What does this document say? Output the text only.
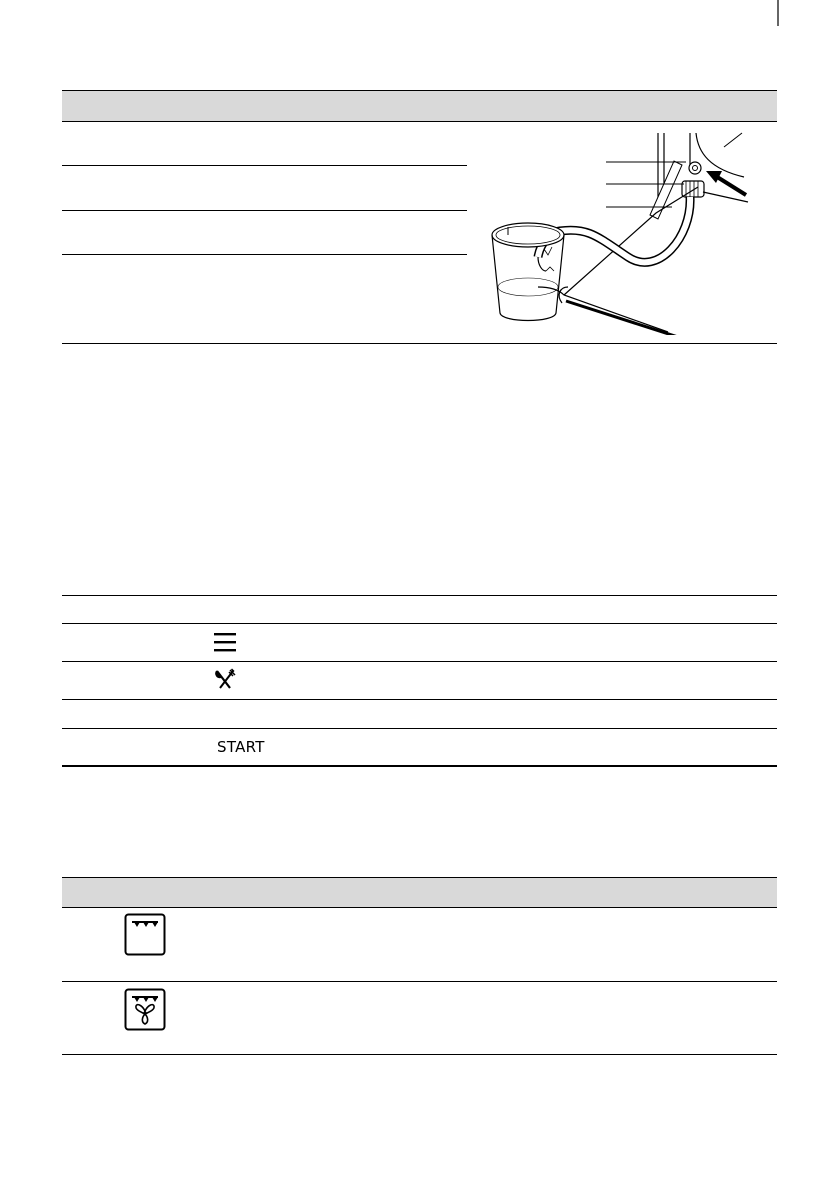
START
